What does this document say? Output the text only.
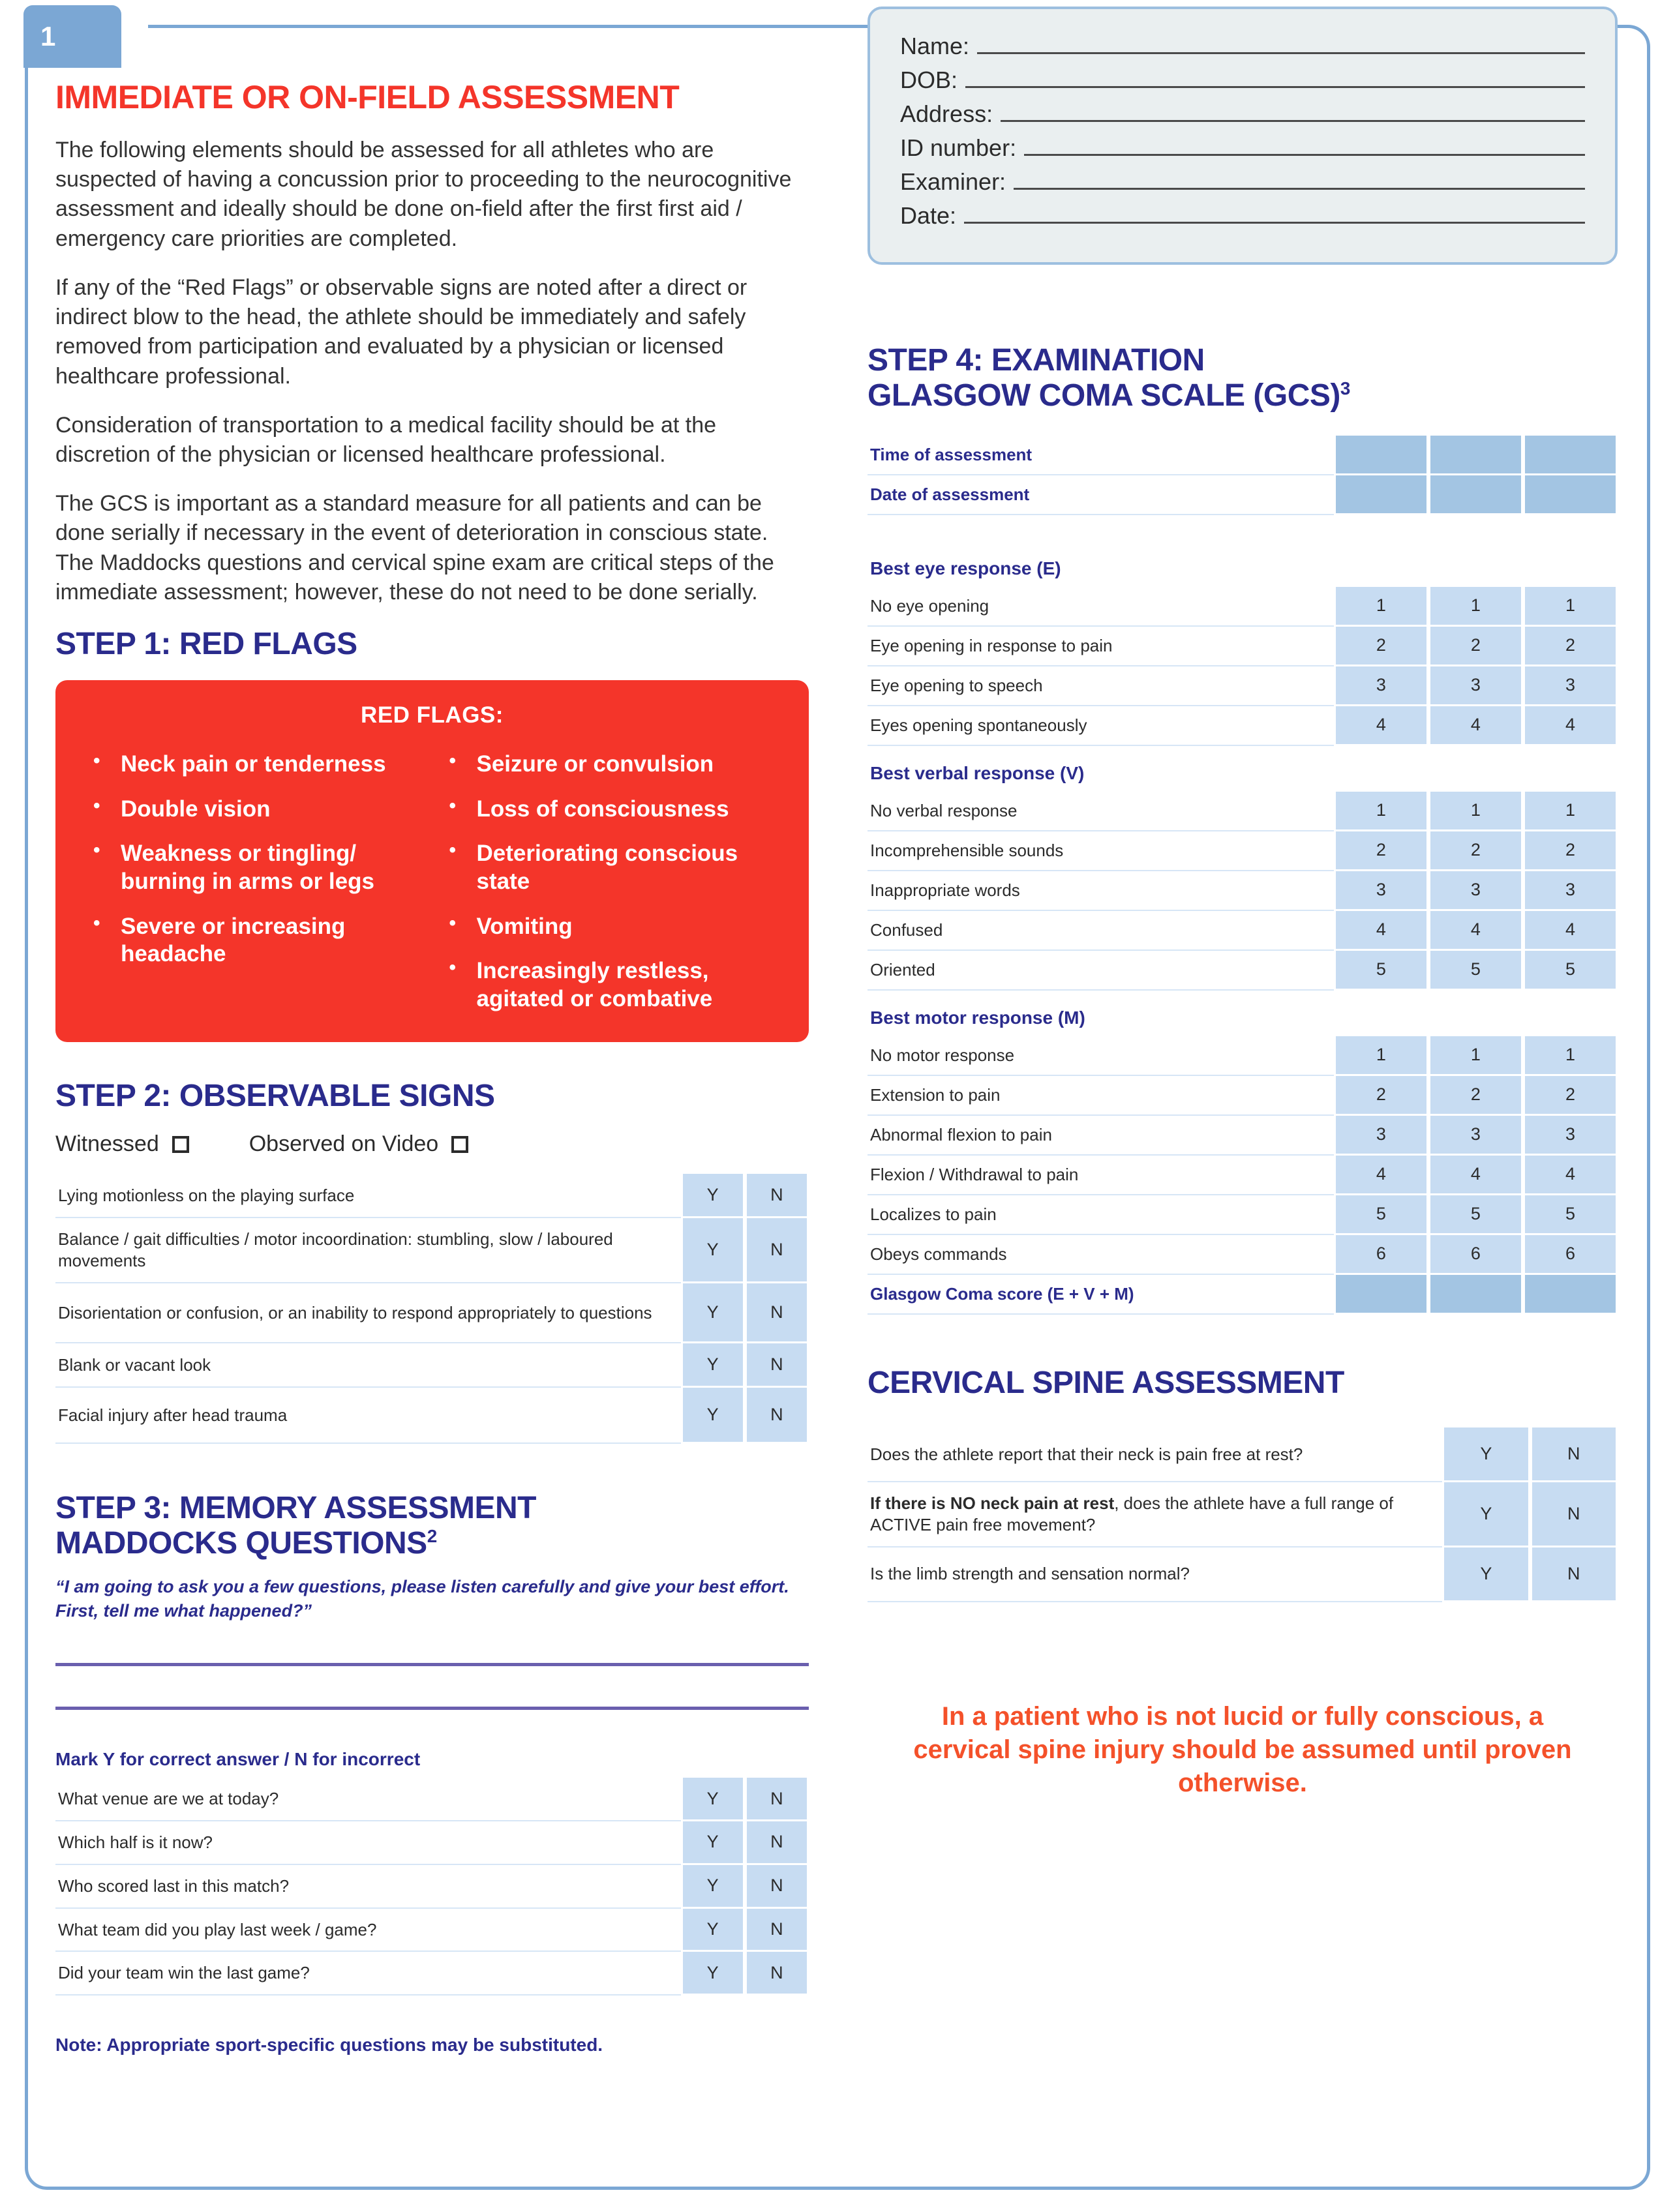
1
IMMEDIATE OR ON-FIELD ASSESSMENT

The following elements should be assessed for all athletes who are suspected of having a concussion prior to proceeding to the neurocognitive assessment and ideally should be done on-field after the first first aid / emergency care priorities are completed.

If any of the “Red Flags” or observable signs are noted after a direct or indirect blow to the head, the athlete should be immediately and safely removed from participation and evaluated by a physician or licensed healthcare professional.

Consideration of transportation to a medical facility should be at the discretion of the physician or licensed healthcare professional.

The GCS is important as a standard measure for all patients and can be done serially if necessary in the event of deterioration in conscious state. The Maddocks questions and cervical spine exam are critical steps of the immediate assessment; however, these do not need to be done serially.

STEP 1: RED FLAGS
RED FLAGS:
• Neck pain or tenderness
• Double vision
• Weakness or tingling/ burning in arms or legs
• Severe or increasing headache
• Seizure or convulsion
• Loss of consciousness
• Deteriorating conscious state
• Vomiting
• Increasingly restless, agitated or combative
STEP 2: OBSERVABLE SIGNS
Witnessed	Observed on Video
Lying motionless on the playing surface	Y	N
Balance / gait difficulties / motor incoordination: stumbling, slow / laboured movements	Y	N
Disorientation or confusion, or an inability to respond appropriately to questions	Y	N
Blank or vacant look	Y	N
Facial injury after head trauma	Y	N
STEP 3: MEMORY ASSESSMENT
MADDOCKS QUESTIONS$^2$
“I am going to ask you a few questions, please listen carefully and give your best effort. First, tell me what happened?”
Mark Y for correct answer / N for incorrect
What venue are we at today?	Y	N
Which half is it now?	Y	N
Who scored last in this match?	Y	N
What team did you play last week / game?	Y	N
Did your team win the last game?	Y	N
Note: Appropriate sport-specific questions may be substituted.
Name:
DOB:
Address:
ID number:
Examiner:
Date:
STEP 4: EXAMINATION
GLASGOW COMA SCALE (GCS)$^3$
Time of assessment			
Date of assessment			

Best eye response (E)			
No eye opening	1	1	1
Eye opening in response to pain	2	2	2
Eye opening to speech	3	3	3
Eyes opening spontaneously	4	4	4
Best verbal response (V)			
No verbal response	1	1	1
Incomprehensible sounds	2	2	2
Inappropriate words	3	3	3
Confused	4	4	4
Oriented	5	5	5
Best motor response (M)			
No motor response	1	1	1
Extension to pain	2	2	2
Abnormal flexion to pain	3	3	3
Flexion / Withdrawal to pain	4	4	4
Localizes to pain	5	5	5
Obeys commands	6	6	6
Glasgow Coma score (E + V + M)			
CERVICAL SPINE ASSESSMENT
Does the athlete report that their neck is pain free at rest?	Y	N
If there is NO neck pain at rest, does the athlete have a full range of ACTIVE pain free movement?	Y	N
Is the limb strength and sensation normal?	Y	N
In a patient who is not lucid or fully conscious, a cervical spine injury should be assumed until proven otherwise.
